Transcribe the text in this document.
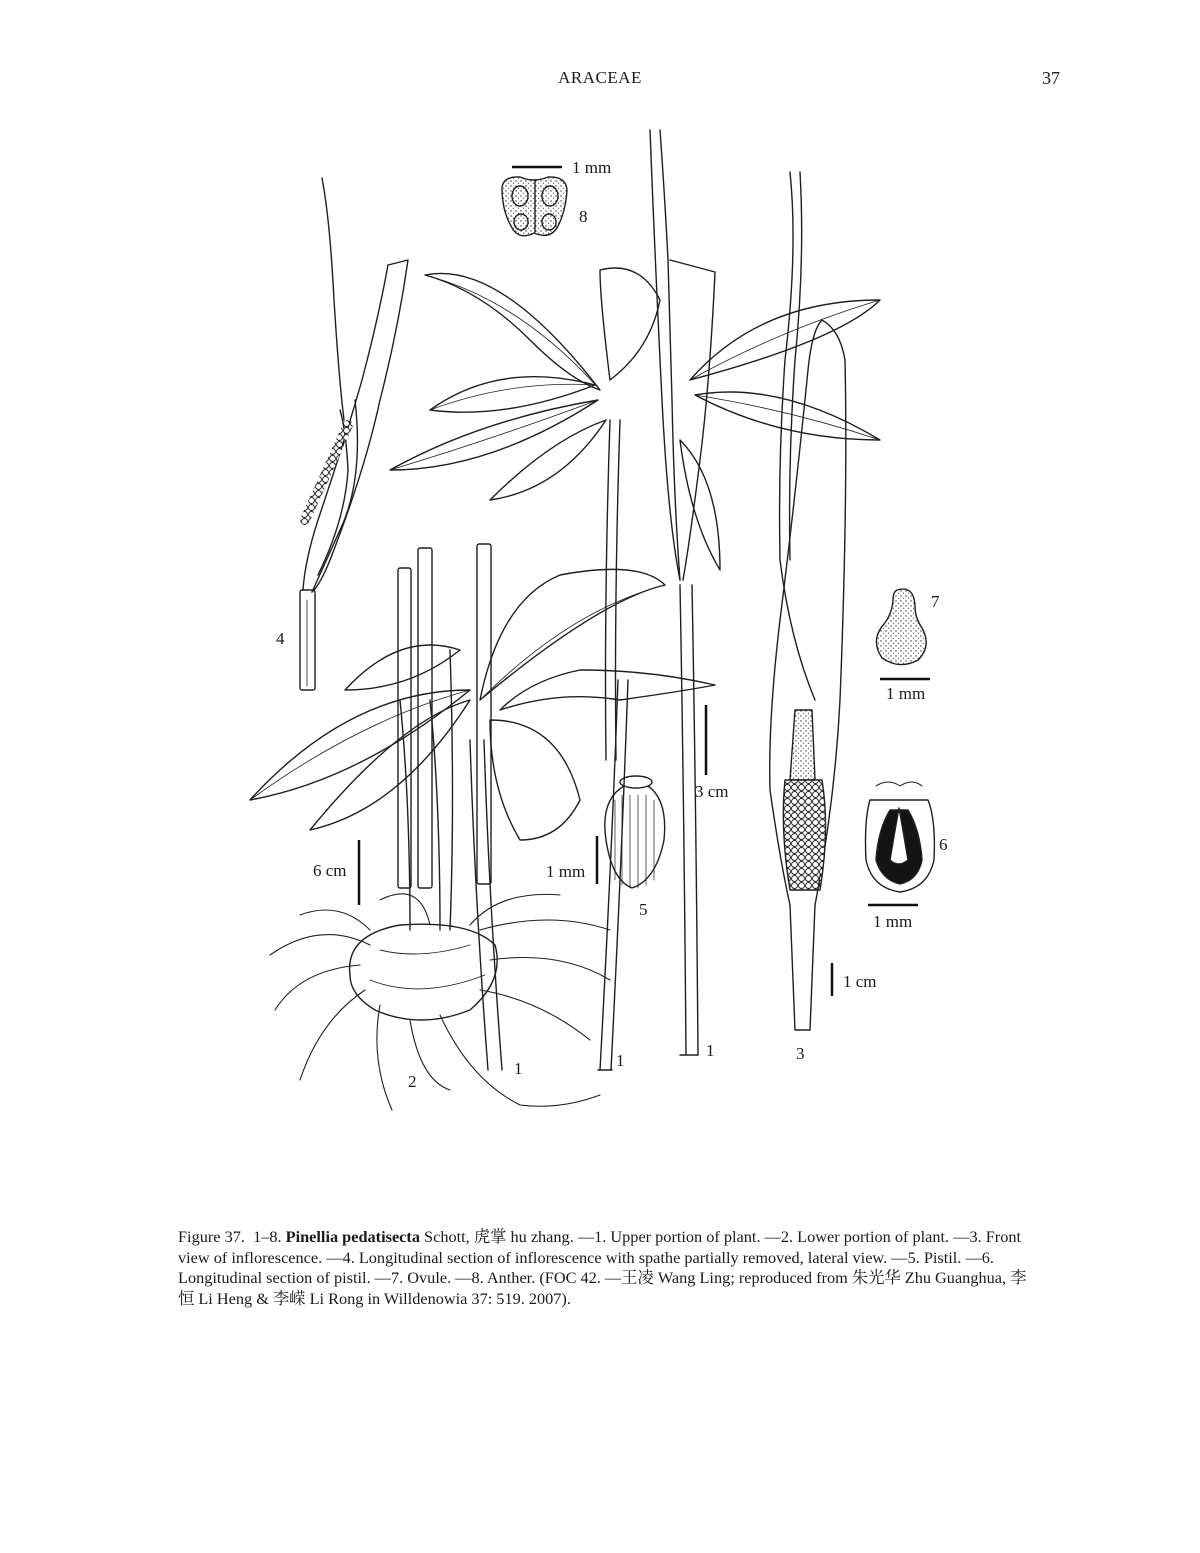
ARACEAE	37
1 mm
1 mm
3 cm
6 cm	1 mm
1 mm
1 cm
1	1
1
2
3
4
5
6
7
8

Figure 37. 1–8. Pinellia pedatisecta Schott, 虎掌 hu zhang. —1. Upper portion of plant. —2. Lower portion of plant. —3. Front view of inflorescence. —4. Longitudinal section of inflorescence with spathe partially removed, lateral view. —5. Pistil. —6. Longitudinal section of pistil. —7. Ovule. —8. Anther. (FOC 42. —王凌 Wang Ling; reproduced from 朱光华 Zhu Guanghua, 李恒 Li Heng & 李嵘 Li Rong in Willdenowia 37: 519. 2007).
